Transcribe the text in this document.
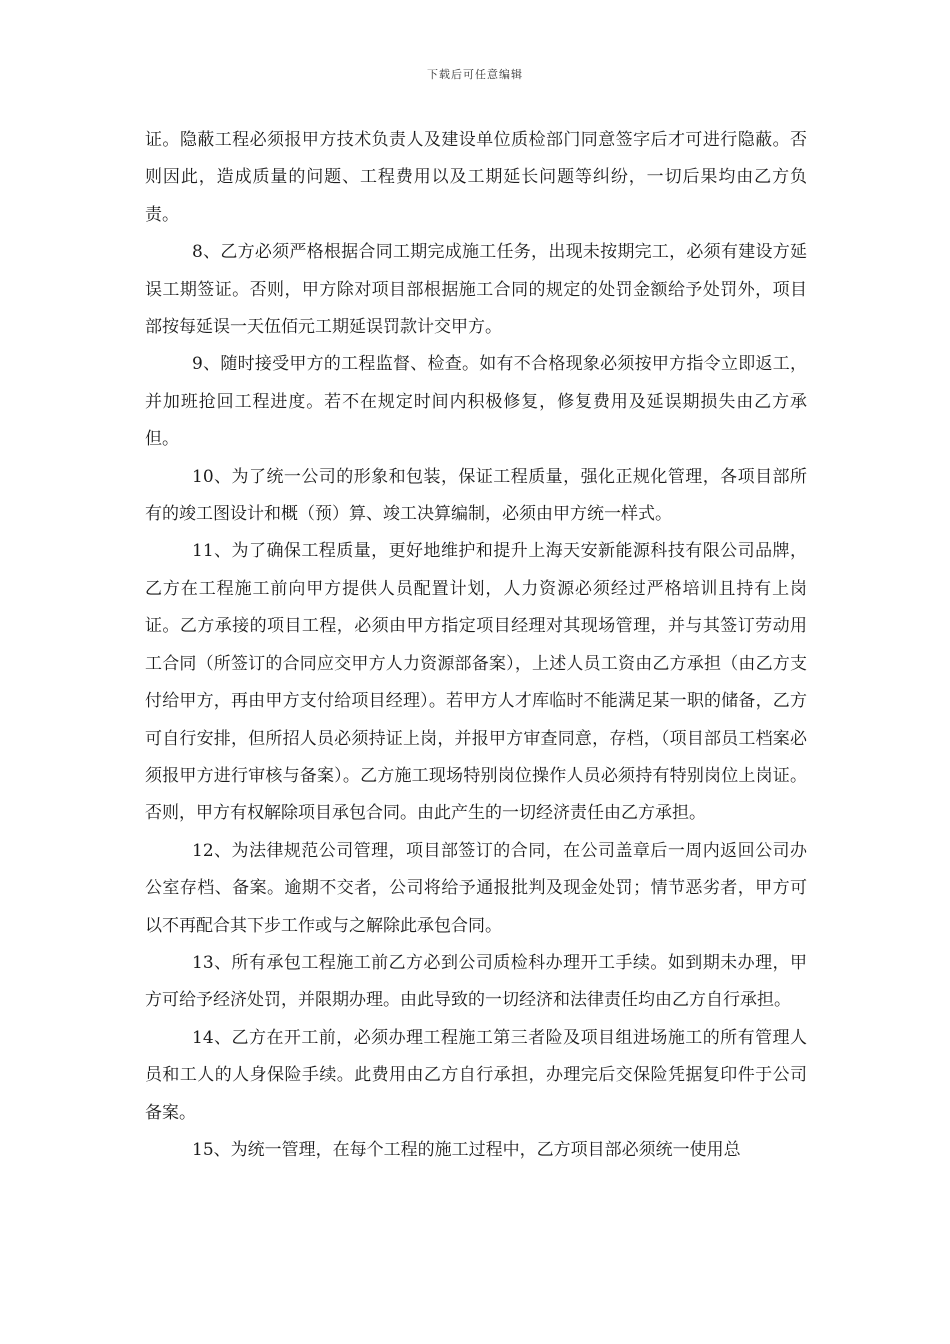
下载后可任意编辑

证。隐蔽工程必须报甲方技术负责人及建设单位质检部门同意签字后才可进行隐蔽。否则因此，造成质量的问题、工程费用以及工期延长问题等纠纷，一切后果均由乙方负责。

8、乙方必须严格根据合同工期完成施工任务，出现未按期完工，必须有建设方延误工期签证。否则，甲方除对项目部根据施工合同的规定的处罚金额给予处罚外，项目部按每延误一天伍佰元工期延误罚款计交甲方。

9、随时接受甲方的工程监督、检查。如有不合格现象必须按甲方指令立即返工，并加班抢回工程进度。若不在规定时间内积极修复，修复费用及延误期损失由乙方承但。

10、为了统一公司的形象和包装，保证工程质量，强化正规化管理，各项目部所有的竣工图设计和概（预）算、竣工决算编制，必须由甲方统一样式。

11、为了确保工程质量，更好地维护和提升上海天安新能源科技有限公司品牌，乙方在工程施工前向甲方提供人员配置计划，人力资源必须经过严格培训且持有上岗证。乙方承接的项目工程，必须由甲方指定项目经理对其现场管理，并与其签订劳动用工合同（所签订的合同应交甲方人力资源部备案），上述人员工资由乙方承担（由乙方支付给甲方，再由甲方支付给项目经理）。若甲方人才库临时不能满足某一职的储备，乙方可自行安排，但所招人员必须持证上岗，并报甲方审查同意，存档，（项目部员工档案必须报甲方进行审核与备案）。乙方施工现场特别岗位操作人员必须持有特别岗位上岗证。否则，甲方有权解除项目承包合同。由此产生的一切经济责任由乙方承担。

12、为法律规范公司管理，项目部签订的合同，在公司盖章后一周内返回公司办公室存档、备案。逾期不交者，公司将给予通报批判及现金处罚；情节恶劣者，甲方可以不再配合其下步工作或与之解除此承包合同。

13、所有承包工程施工前乙方必到公司质检科办理开工手续。如到期未办理，甲方可给予经济处罚，并限期办理。由此导致的一切经济和法律责任均由乙方自行承担。

14、乙方在开工前，必须办理工程施工第三者险及项目组进场施工的所有管理人员和工人的人身保险手续。此费用由乙方自行承担，办理完后交保险凭据复印件于公司备案。

15、为统一管理，在每个工程的施工过程中，乙方项目部必须统一使用总
